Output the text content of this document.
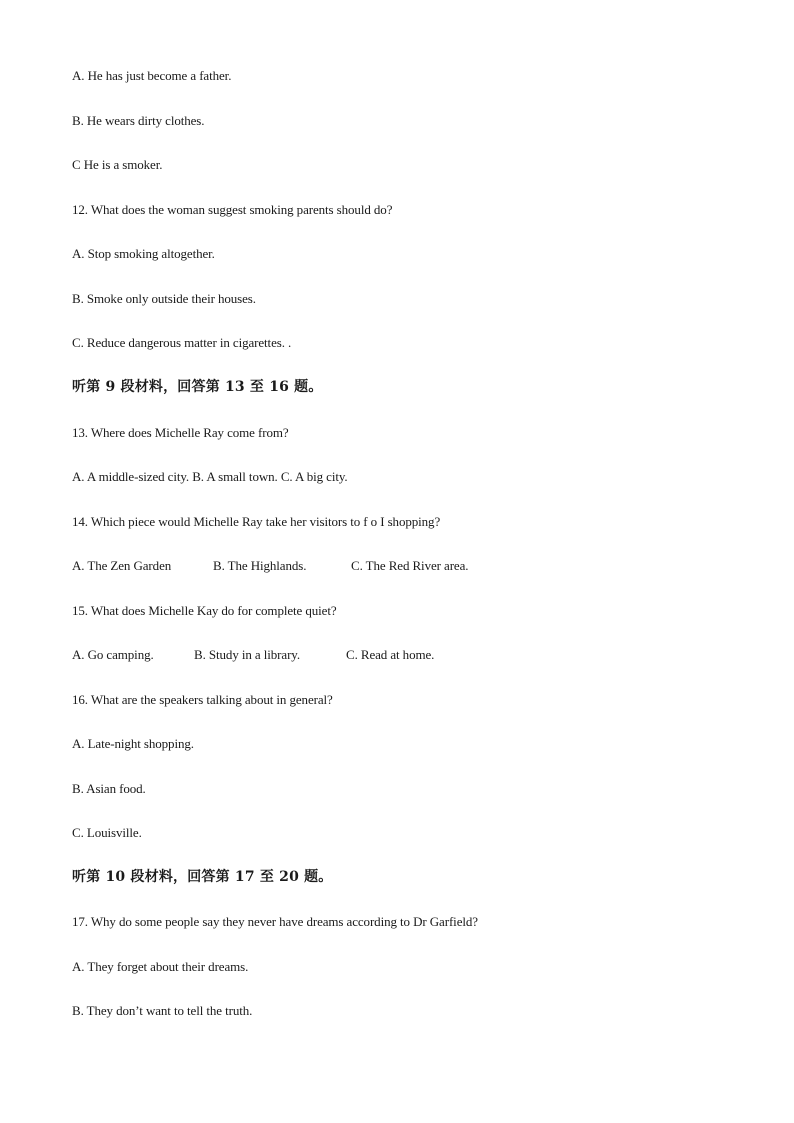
A. He has just become a father.
B. He wears dirty clothes.
C He is a smoker.
12. What does the woman suggest smoking parents should do?
A. Stop smoking altogether.
B. Smoke only outside their houses.
C. Reduce dangerous matter in cigarettes. .
听第 9 段材料，回答第 13 至 16 题。
13. Where does Michelle Ray come from?
A. A middle-sized city. B. A small town. C. A big city.
14. Which piece would Michelle Ray take her visitors to f o I shopping?

A. The Zen Garden

	B. The Highlands.

	C. The Red River area.

15. What does Michelle Kay do for complete quiet?

A. Go camping.

	B. Study in a library.

	C. Read at home.

16. What are the speakers talking about in general?
A. Late-night shopping.
B. Asian food.
C. Louisville.
听第 10 段材料，回答第 17 至 20 题。
17. Why do some people say they never have dreams according to Dr Garfield?
A. They forget about their dreams.
B. They don’t want to tell the truth.
